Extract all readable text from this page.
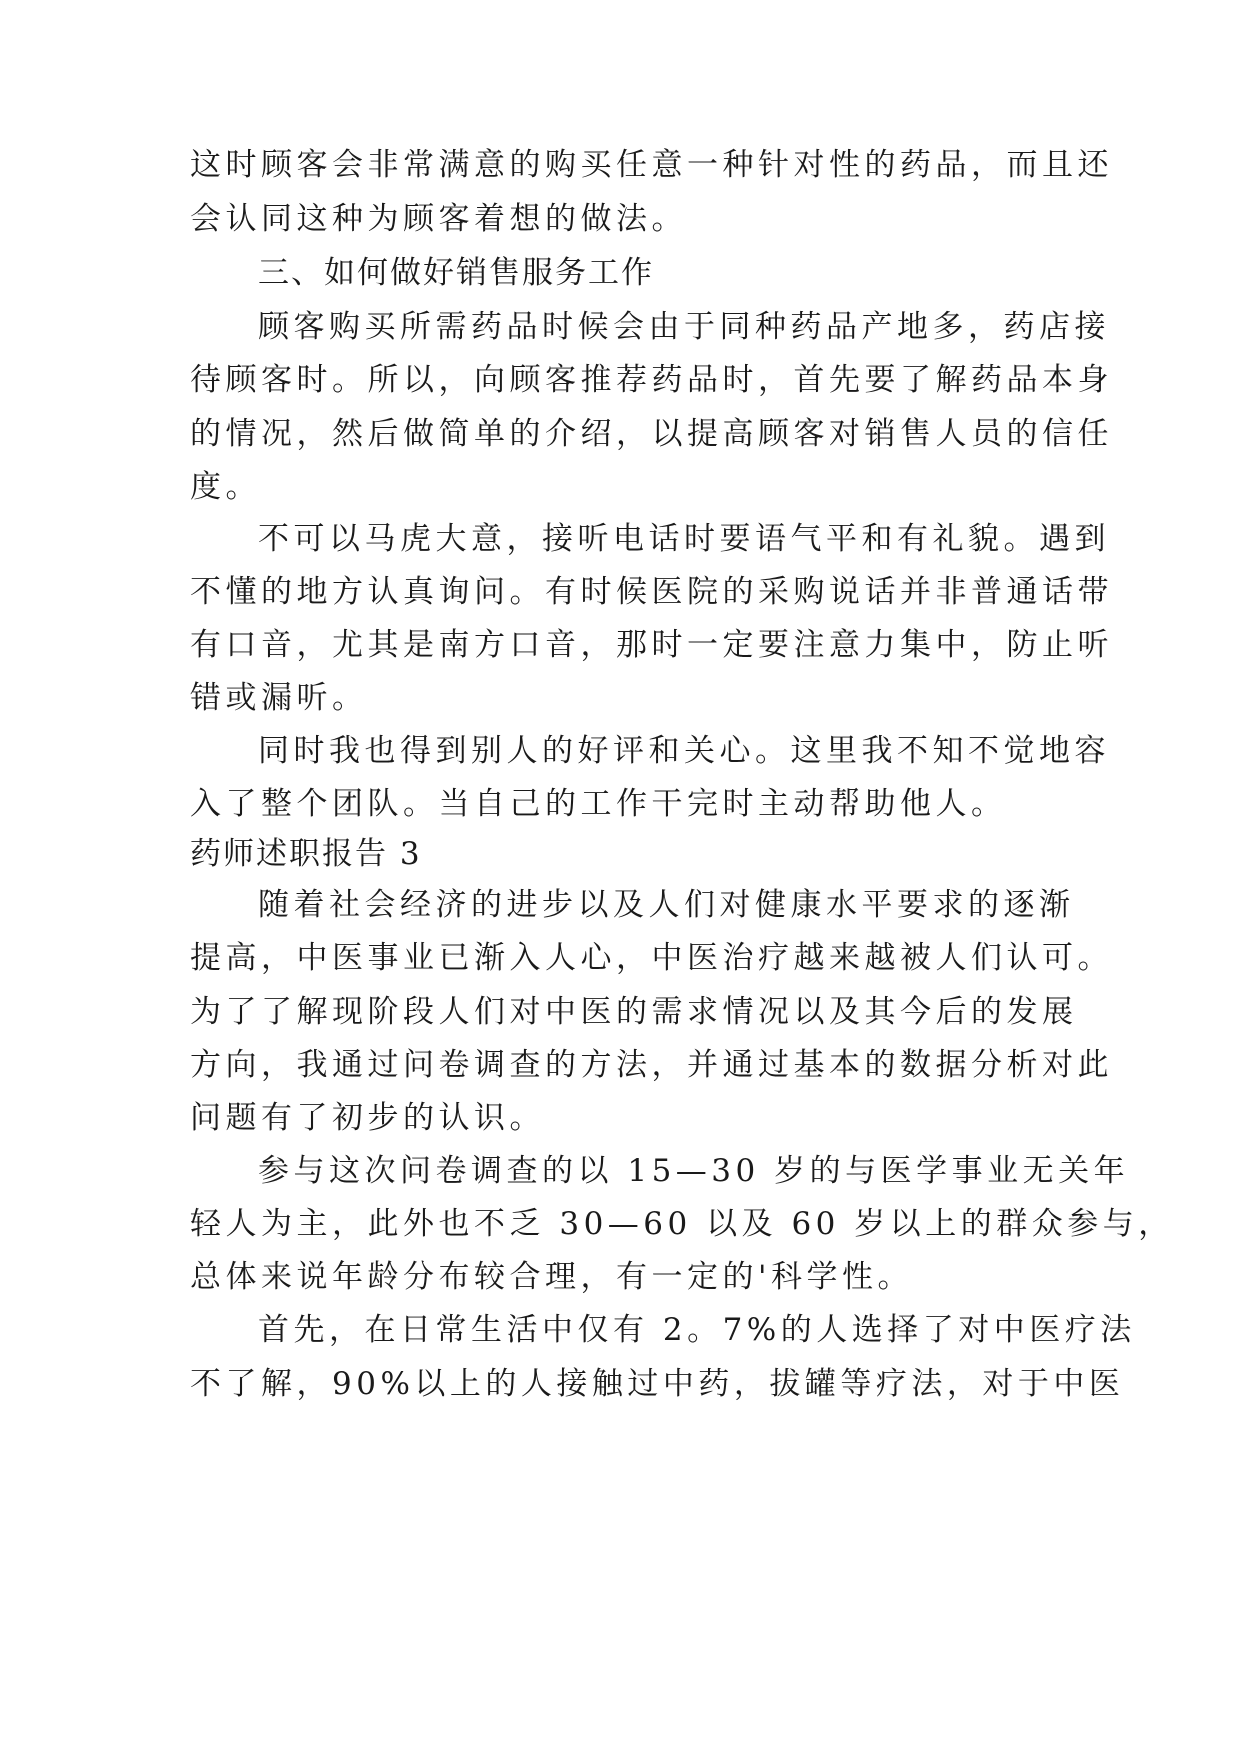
这时顾客会非常满意的购买任意一种针对性的药品，而且还
会认同这种为顾客着想的做法。
三、如何做好销售服务工作
顾客购买所需药品时候会由于同种药品产地多，药店接
待顾客时。所以，向顾客推荐药品时，首先要了解药品本身
的情况，然后做简单的介绍，以提高顾客对销售人员的信任
度。
不可以马虎大意，接听电话时要语气平和有礼貌。遇到
不懂的地方认真询问。有时候医院的采购说话并非普通话带
有口音，尤其是南方口音，那时一定要注意力集中，防止听
错或漏听。
同时我也得到别人的好评和关心。这里我不知不觉地容
入了整个团队。当自己的工作干完时主动帮助他人。
药师述职报告 3
随着社会经济的进步以及人们对健康水平要求的逐渐
提高，中医事业已渐入人心，中医治疗越来越被人们认可。
为了了解现阶段人们对中医的需求情况以及其今后的发展
方向，我通过问卷调查的方法，并通过基本的数据分析对此
问题有了初步的认识。
参与这次问卷调查的以 15—30 岁的与医学事业无关年
轻人为主，此外也不乏 30—60 以及 60 岁以上的群众参与，
总体来说年龄分布较合理，有一定的'科学性。
首先，在日常生活中仅有 2。7%的人选择了对中医疗法
不了解，90%以上的人接触过中药，拔罐等疗法，对于中医
